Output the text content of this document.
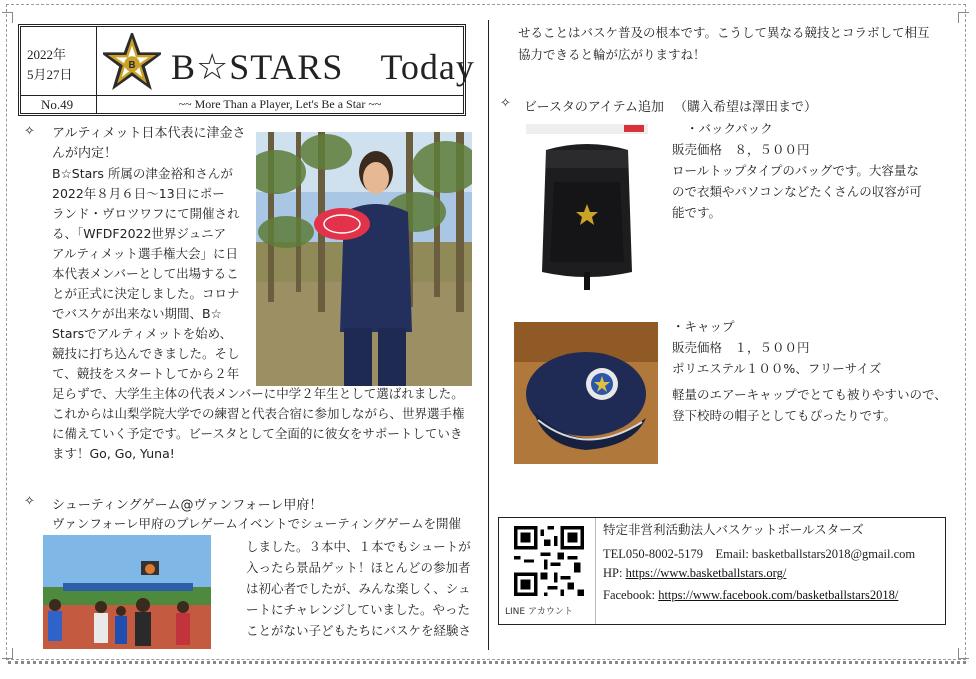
2022年
5月27日
No.49
B B☆STARS　Today
~~ More Than a Player, Let's Be a Star ~~
✧ アルティメット日本代表に津金さ
んが内定！
B☆Stars 所属の津金裕和さんが
2022年８月６日～13日にポー
ランド・ヴロツワフにて開催され
る、「WFDF2022世界ジュニア
アルティメット選手権大会」に日
本代表メンバーとして出場するこ
とが正式に決定しました。コロナ
でバスケが出来ない期間、B☆
Starsでアルティメットを始め、
競技に打ち込んできました。そし
て、競技をスタートしてから２年
足らずで、大学生主体の代表メンバーに中学２年生として選ばれました。
これからは山梨学院大学での練習と代表合宿に参加しながら、世界選手権
に備えていく予定です。ビースタとして全面的に彼女をサポートしていき
ます！Go, Go, Yuna!
✧ シューティングゲーム@ヴァンフォーレ甲府！
ヴァンフォーレ甲府のプレゲームイベントでシューティングゲームを開催
しました。３本中、１本でもシュートが
入ったら景品ゲット！ほとんどの参加者
は初心者でしたが、みんな楽しく、シュ
ートにチャレンジしていました。やった
ことがない子どもたちにバスケを経験さ
せることはバスケ普及の根本です。こうして異なる競技とコラボして相互
協力できると輪が広がりますね！
✧ ビースタのアイテム追加 （購入希望は澤田まで）
・バックパック
販売価格　８，５００円
ロールトップタイプのバッグです。大容量な
ので衣類やパソコンなどたくさんの収容が可
能です。
・キャップ
販売価格　１，５００円
ポリエステル１００%、フリーサイズ
軽量のエアーキャップでとても被りやすいので、
登下校時の帽子としてもぴったりです。
LINE アカウント
特定非営利活動法人バスケットボールスターズ
TEL050-8002-5179　Email: basketballstars2018@gmail.com
HP: https://www.basketballstars.org/
Facebook: https://www.facebook.com/basketballstars2018/
